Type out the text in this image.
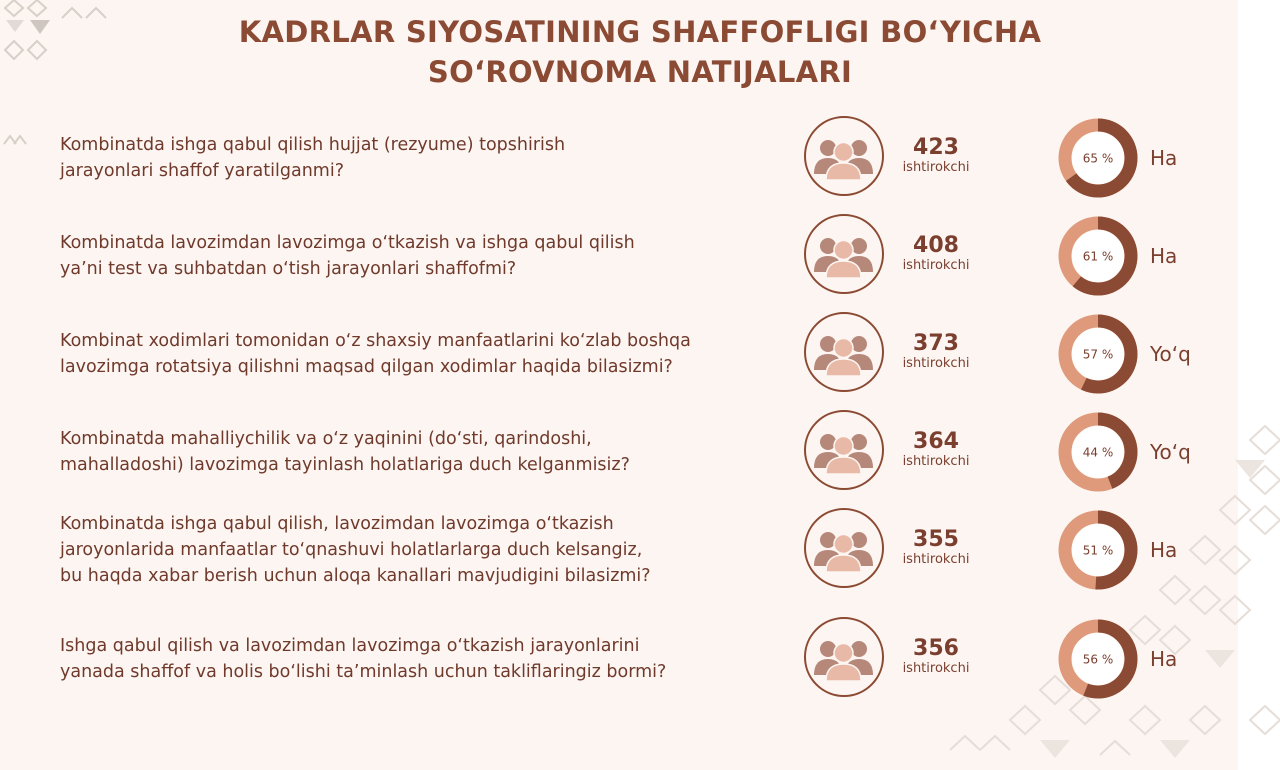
KADRLAR SIYOSATINING SHAFFOFLIGI BO‘YICHA
SO‘ROVNOMA NATIJALARI
Kombinatda ishga qabul qilish hujjat (rezyume) topshirish
jarayonlari shaffof yaratilganmi?
423
ishtirokchi
65 % Ha
Kombinatda lavozimdan lavozimga o‘tkazish va ishga qabul qilish
ya’ni test va suhbatdan o‘tish jarayonlari shaffofmi?
408
ishtirokchi
61 % Ha
Kombinat xodimlari tomonidan o‘z shaxsiy manfaatlarini ko‘zlab boshqa
lavozimga rotatsiya qilishni maqsad qilgan xodimlar haqida bilasizmi?
373
ishtirokchi
57 % Yo‘q
Kombinatda mahalliychilik va o‘z yaqinini (do‘sti, qarindoshi,
mahalladoshi) lavozimga tayinlash holatlariga duch kelganmisiz?
364
ishtirokchi
44 % Yo‘q
Kombinatda ishga qabul qilish, lavozimdan lavozimga o‘tkazish
jaroyonlarida manfaatlar to‘qnashuvi holatlarlarga duch kelsangiz,
bu haqda xabar berish uchun aloqa kanallari mavjudigini bilasizmi?
355
ishtirokchi
51 % Ha
Ishga qabul qilish va lavozimdan lavozimga o‘tkazish jarayonlarini
yanada shaffof va holis bo‘lishi ta’minlash uchun takliflaringiz bormi?
356
ishtirokchi
56 % Ha
